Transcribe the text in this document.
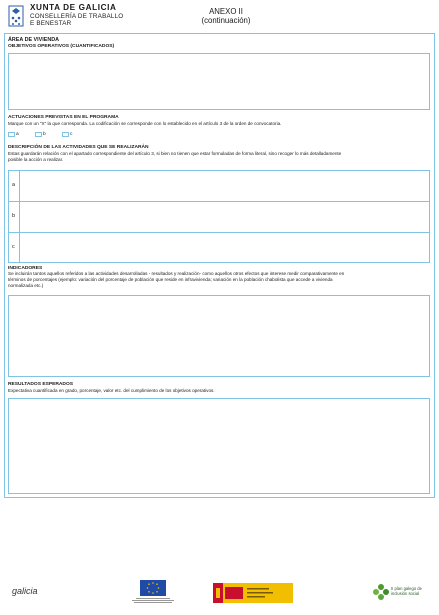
XUNTA DE GALICIA
CONSELLERÍA DE TRABALLO
E BENESTAR
ANEXO II
(continuación)
ÁREA DE VIVIENDA
OBJETIVOS OPERATIVOS (CUANTIFICADOS)
ACTUACIONES PREVISTAS EN EL PROGRAMA
Marque con un "X" la que corresponda. La codificación se corresponde con lo establecido en el artículo 3 de la orden de convocatoria.
a	b	c
DESCRIPCIÓN DE LAS ACTIVIDADES QUE SE REALIZARÁN
Estas guardarán relación con el apartado correspondiente del artículo 3, si bien no tienen que estar formuladas de forma literal, sino recoger lo más detalladamente
posible la acción a realizar.
a
b
c
INDICADORES
Se incluirán tantos aquellos referidos a las actividades desarrolladas - resultados y realización- como aquellos otros efectos que interese medir comparativamente en
términos de porcentajes (ejemplo: variación del porcentaje de población que reside en infravivienda; variación en la población chabolista que accede a vivienda
normalizada etc.)
RESULTADOS ESPERADOS
Expectativa cuantificada en grado, porcentaje, valor etc. del cumplimiento de los objetivos operativos.
galicia	II plan galego de
inclusión social
